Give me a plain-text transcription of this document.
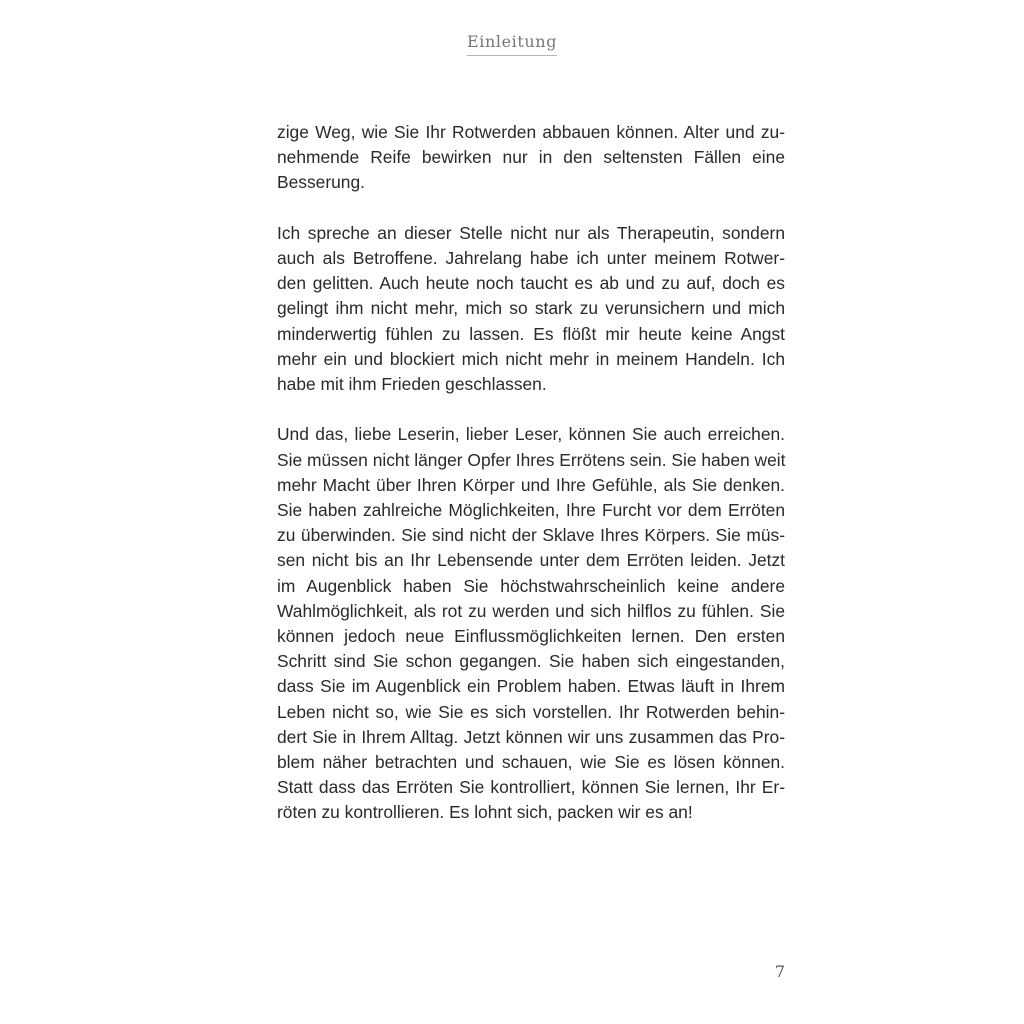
Einleitung

zige Weg, wie Sie Ihr Rotwerden abbauen können. Alter und zu-
nehmende Reife bewirken nur in den seltensten Fällen eine
Besserung.

Ich spreche an dieser Stelle nicht nur als Therapeutin, sondern
auch als Betroffene. Jahrelang habe ich unter meinem Rotwer-
den gelitten. Auch heute noch taucht es ab und zu auf, doch es
gelingt ihm nicht mehr, mich so stark zu verunsichern und mich
minderwertig fühlen zu lassen. Es flößt mir heute keine Angst
mehr ein und blockiert mich nicht mehr in meinem Handeln. Ich
habe mit ihm Frieden geschlassen.

Und das, liebe Leserin, lieber Leser, können Sie auch erreichen.
Sie müssen nicht länger Opfer Ihres Errötens sein. Sie haben weit
mehr Macht über Ihren Körper und Ihre Gefühle, als Sie denken.
Sie haben zahlreiche Möglichkeiten, Ihre Furcht vor dem Erröten
zu überwinden. Sie sind nicht der Sklave Ihres Körpers. Sie müs-
sen nicht bis an Ihr Lebensende unter dem Erröten leiden. Jetzt
im Augenblick haben Sie höchstwahrscheinlich keine andere
Wahlmöglichkeit, als rot zu werden und sich hilflos zu fühlen. Sie
können jedoch neue Einflussmöglichkeiten lernen. Den ersten
Schritt sind Sie schon gegangen. Sie haben sich eingestanden,
dass Sie im Augenblick ein Problem haben. Etwas läuft in Ihrem
Leben nicht so, wie Sie es sich vorstellen. Ihr Rotwerden behin-
dert Sie in Ihrem Alltag. Jetzt können wir uns zusammen das Pro-
blem näher betrachten und schauen, wie Sie es lösen können.
Statt dass das Erröten Sie kontrolliert, können Sie lernen, Ihr Er-
röten zu kontrollieren. Es lohnt sich, packen wir es an!

7
